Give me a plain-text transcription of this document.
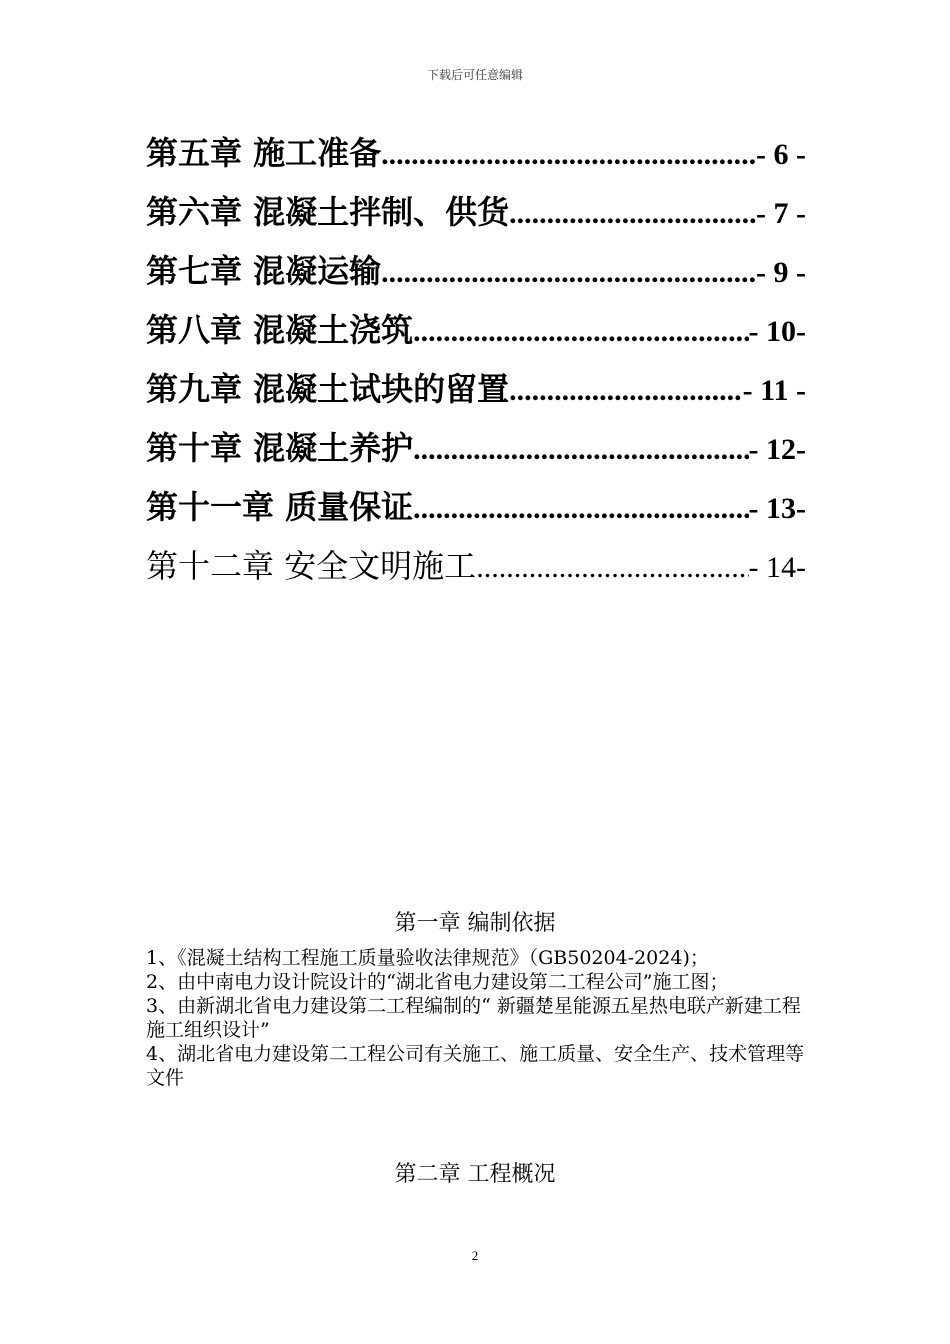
下载后可任意编辑
第五章 施工准备 .....	- 6 -
第六章 混凝土拌制、供货 .....	- 7 -
第七章 混凝运输 .....	- 9 -
第八章 混凝土浇筑 .....	- 10-
第九章 混凝土试块的留置 .....	- 11 -
第十章 混凝土养护 .....	- 12-
第十一章 质量保证 .....	- 13-
第十二章 安全文明施工 .....	- 14-
第一章 编制依据
1、《混凝土结构工程施工质量验收法律规范》（GB50204-2024)；
2、由中南电力设计院设计的“湖北省电力建设第二工程公司”施工图；
3、由新湖北省电力建设第二工程编制的“ 新疆楚星能源五星热电联产新建工程施工组织设计”
4、湖北省电力建设第二工程公司有关施工、施工质量、安全生产、技术管理等文件
第二章 工程概况
2
